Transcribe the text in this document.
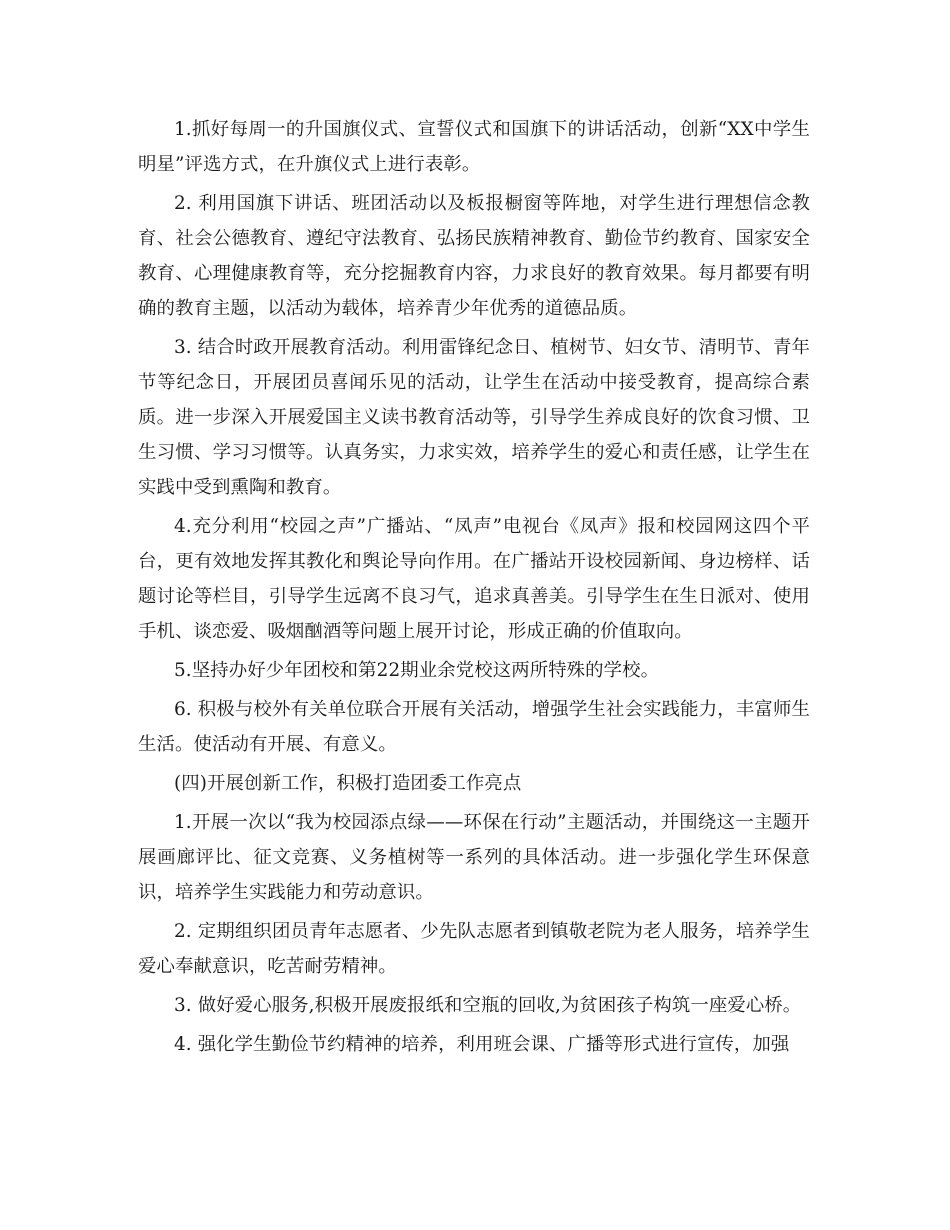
1.抓好每周一的升国旗仪式、宣誓仪式和国旗下的讲话活动，创新“XX中学生明星”评选方式，在升旗仪式上进行表彰。

2. 利用国旗下讲话、班团活动以及板报橱窗等阵地，对学生进行理想信念教育、社会公德教育、遵纪守法教育、弘扬民族精神教育、勤俭节约教育、国家安全教育、心理健康教育等，充分挖掘教育内容，力求良好的教育效果。每月都要有明确的教育主题，以活动为载体，培养青少年优秀的道德品质。

3. 结合时政开展教育活动。利用雷锋纪念日、植树节、妇女节、清明节、青年节等纪念日，开展团员喜闻乐见的活动，让学生在活动中接受教育，提高综合素质。进一步深入开展爱国主义读书教育活动等，引导学生养成良好的饮食习惯、卫生习惯、学习习惯等。认真务实，力求实效，培养学生的爱心和责任感，让学生在实践中受到熏陶和教育。

4.充分利用“校园之声”广播站、“凤声”电视台《凤声》报和校园网这四个平台，更有效地发挥其教化和舆论导向作用。在广播站开设校园新闻、身边榜样、话题讨论等栏目，引导学生远离不良习气，追求真善美。引导学生在生日派对、使用手机、谈恋爱、吸烟酗酒等问题上展开讨论，形成正确的价值取向。

5.坚持办好少年团校和第22期业余党校这两所特殊的学校。

6. 积极与校外有关单位联合开展有关活动，增强学生社会实践能力，丰富师生生活。使活动有开展、有意义。

(四)开展创新工作，积极打造团委工作亮点

1.开展一次以“我为校园添点绿——环保在行动”主题活动，并围绕这一主题开展画廊评比、征文竞赛、义务植树等一系列的具体活动。进一步强化学生环保意识，培养学生实践能力和劳动意识。

2. 定期组织团员青年志愿者、少先队志愿者到镇敬老院为老人服务，培养学生爱心奉献意识，吃苦耐劳精神。

3. 做好爱心服务,积极开展废报纸和空瓶的回收,为贫困孩子构筑一座爱心桥。

4. 强化学生勤俭节约精神的培养，利用班会课、广播等形式进行宣传，加强
